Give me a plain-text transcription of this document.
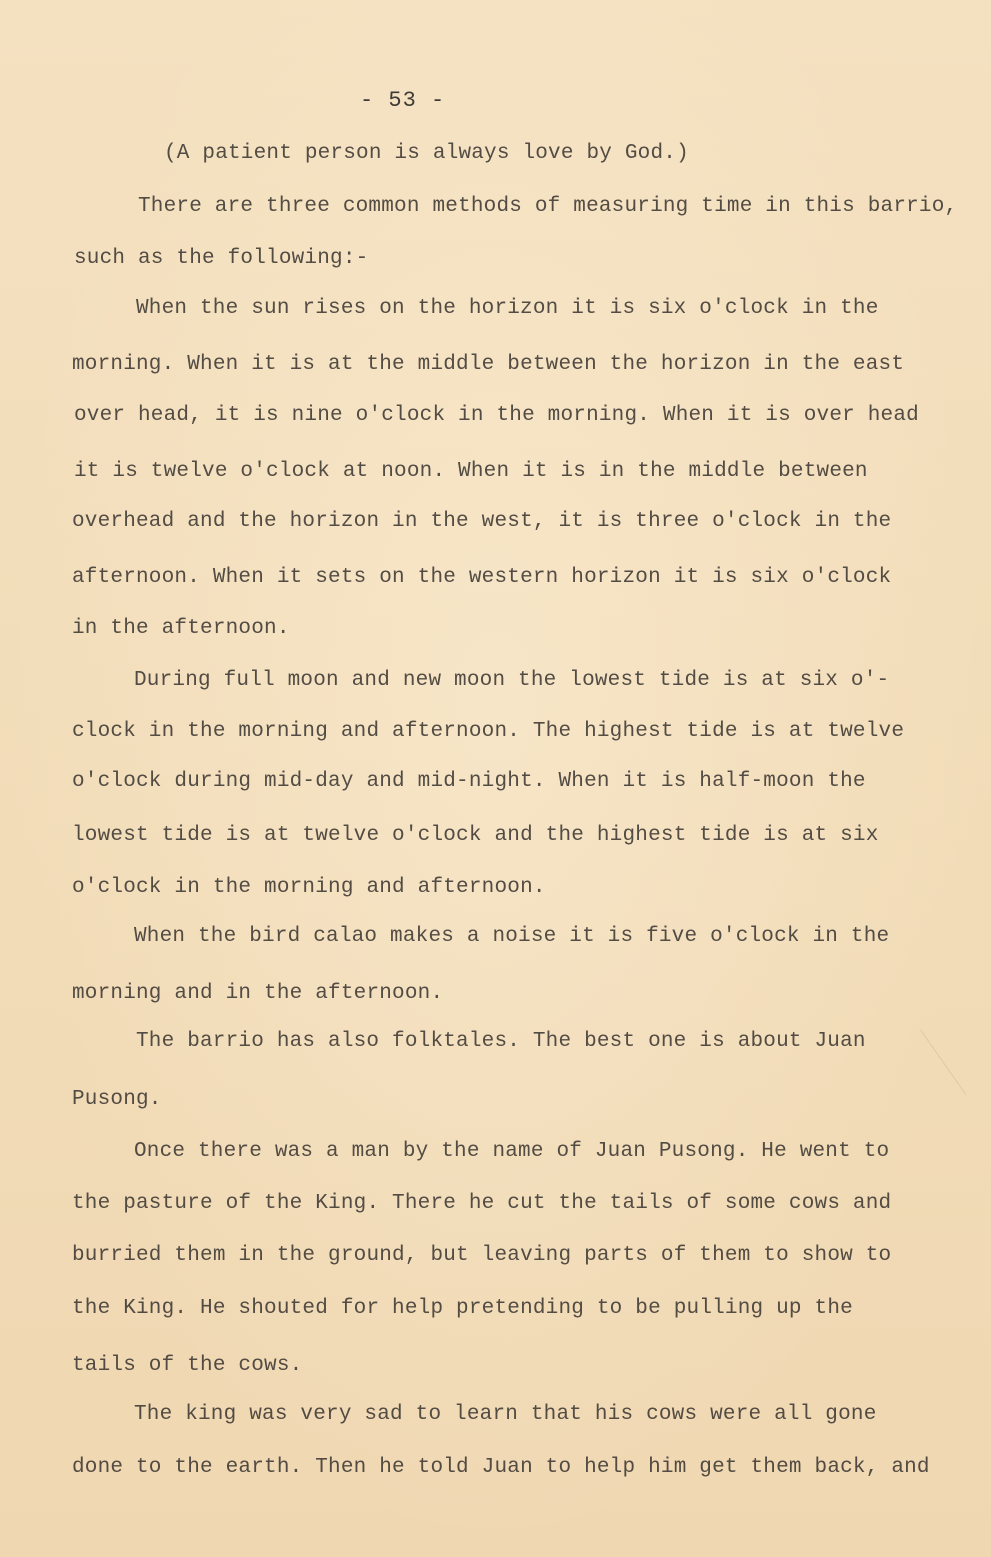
- 53 -
(A patient person is always love by God.)
There are three common methods of measuring time in this barrio,
such as the following:-
When the sun rises on the horizon it is six o'clock in the
morning. When it is at the middle between the horizon in the east
over head, it is nine o'clock in the morning. When it is over head
it is twelve o'clock at noon. When it is in the middle between
overhead and the horizon in the west, it is three o'clock in the
afternoon. When it sets on the western horizon it is six o'clock
in the afternoon.
During full moon and new moon the lowest tide is at six o'-
clock in the morning and afternoon. The highest tide is at twelve
o'clock during mid-day and mid-night. When it is half-moon the
lowest tide is at twelve o'clock and the highest tide is at six
o'clock in the morning and afternoon.
When the bird calao makes a noise it is five o'clock in the
morning and in the afternoon.
The barrio has also folktales. The best one is about Juan
Pusong.
Once there was a man by the name of Juan Pusong. He went to
the pasture of the King. There he cut the tails of some cows and
burried them in the ground, but leaving parts of them to show to
the King. He shouted for help pretending to be pulling up the
tails of the cows.
The king was very sad to learn that his cows were all gone
done to the earth. Then he told Juan to help him get them back, and
